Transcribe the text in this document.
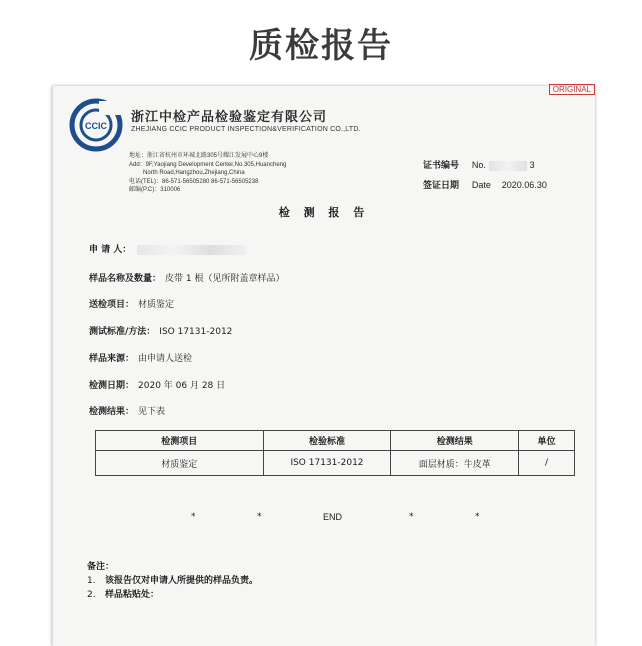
质检报告
ORIGINAL
CCIC
浙江中检产品检验鉴定有限公司
ZHEJIANG CCIC PRODUCT INSPECTION&VERIFICATION CO.,LTD.
地址：浙江省杭州市环城北路305号耀江发展中心9楼
Add：9F,Yaojiang Development Center,No.305,Huancheng
North Road,Hangzhou,Zhejiang,China
电话(TEL)：86-571-56505280 86-571-56505238
邮编(P.C)：310006
证书编号 No.	3
签证日期 Date 2020.06.30
检 测 报 告
申 请 人：
样品名称及数量： 皮带 1 根（见所附盖章样品）
送检项目： 材质鉴定
测试标准/方法： ISO 17131-2012
样品来源： 由申请人送检
检测日期： 2020 年 06 月 28 日
检测结果： 见下表
检测项目	检验标准	检测结果	单位
材质鉴定	ISO 17131-2012	面层材质：牛皮革	/
*	*	END	*	*
备注：
1. 该报告仅对申请人所提供的样品负责。
2. 样品粘贴处：
